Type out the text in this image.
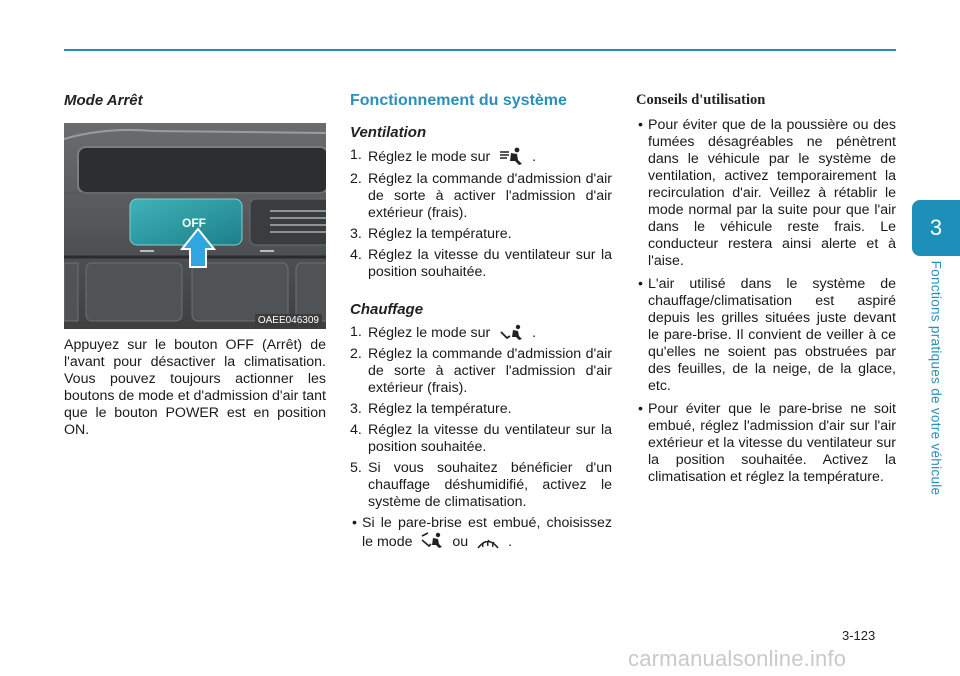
3
Fonctions pratiques de votre véhicule
Mode Arrêt
OFF
OAEE046309

Appuyez sur le bouton OFF (Arrêt) de l'avant pour désactiver la climatisation. Vous pouvez toujours actionner les boutons de mode et d'admission d'air tant que le bouton POWER est en position ON.

Fonctionnement du système
Ventilation
1. Réglez le mode sur	.
2. Réglez la commande d'admission d'air de sorte à activer l'admission d'air extérieur (frais).
3. Réglez la température.
4. Réglez la vitesse du ventilateur sur la position souhaitée.
Chauffage
1. Réglez le mode sur	.
2. Réglez la commande d'admission d'air de sorte à activer l'admission d'air extérieur (frais).
3. Réglez la température.
4. Réglez la vitesse du ventilateur sur la position souhaitée.
5. Si vous souhaitez bénéficier d'un chauffage déshumidifié, activez le système de climatisation.
• Si le pare-brise est embué, choisissez le mode	ou	.
Conseils d'utilisation
• Pour éviter que de la poussière ou des fumées désagréables ne pénètrent dans le véhicule par le système de ventilation, activez temporairement la recirculation d'air. Veillez à rétablir le mode normal par la suite pour que l'air dans le véhicule reste frais. Le conducteur restera ainsi alerte et à l'aise.
• L'air utilisé dans le système de chauffage/climatisation est aspiré depuis les grilles situées juste devant le pare-brise. Il convient de veiller à ce qu'elles ne soient pas obstruées par des feuilles, de la neige, de la glace, etc.
• Pour éviter que le pare-brise ne soit embué, réglez l'admission d'air sur l'air extérieur et la vitesse du ventilateur sur la position souhaitée. Activez la climatisation et réglez la température.
3-123
carmanualsonline.info
